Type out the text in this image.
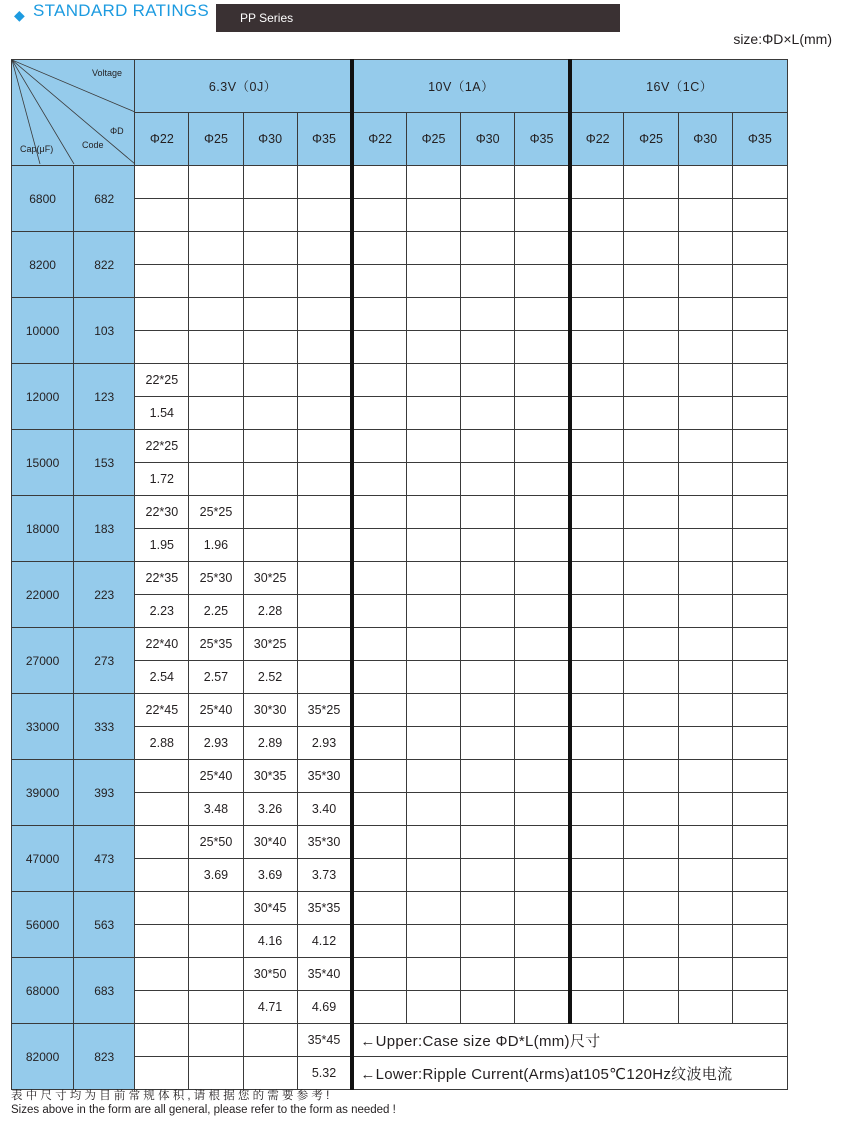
◆ STANDARD RATINGS	PP Series
size:ΦD×L(mm)
Voltage
ΦD
Code
Cap(μF)		6.3V（0J）				10V（1A）				16V（1C）			
		Φ22	Φ25	Φ30	Φ35	Φ22	Φ25	Φ30	Φ35	Φ22	Φ25	Φ30	Φ35
6800	682												

8200	822												

10000	103												

12000	123	22*25											
		1.54											
15000	153	22*25											
		1.72											
18000	183	22*30	25*25										
		1.95	1.96										
22000	223	22*35	25*30	30*25									
		2.23	2.25	2.28									
27000	273	22*40	25*35	30*25									
		2.54	2.57	2.52									
33000	333	22*45	25*40	30*30	35*25								
		2.88	2.93	2.89	2.93								
39000	393		25*40	30*35	35*30								
			3.48	3.26	3.40								
47000	473		25*50	30*40	35*30								
			3.69	3.69	3.73								
56000	563			30*45	35*35								
				4.16	4.12								
68000	683			30*50	35*40								
				4.71	4.69								
82000	823				35*45	←Upper:Case size ΦD*L(mm)尺寸							
					5.32	←Lower:Ripple Current(Arms)at105℃120Hz纹波电流							
表中尺寸均为目前常规体积,请根据您的需要参考!
Sizes above in the form are all general, please refer to the form as needed !
